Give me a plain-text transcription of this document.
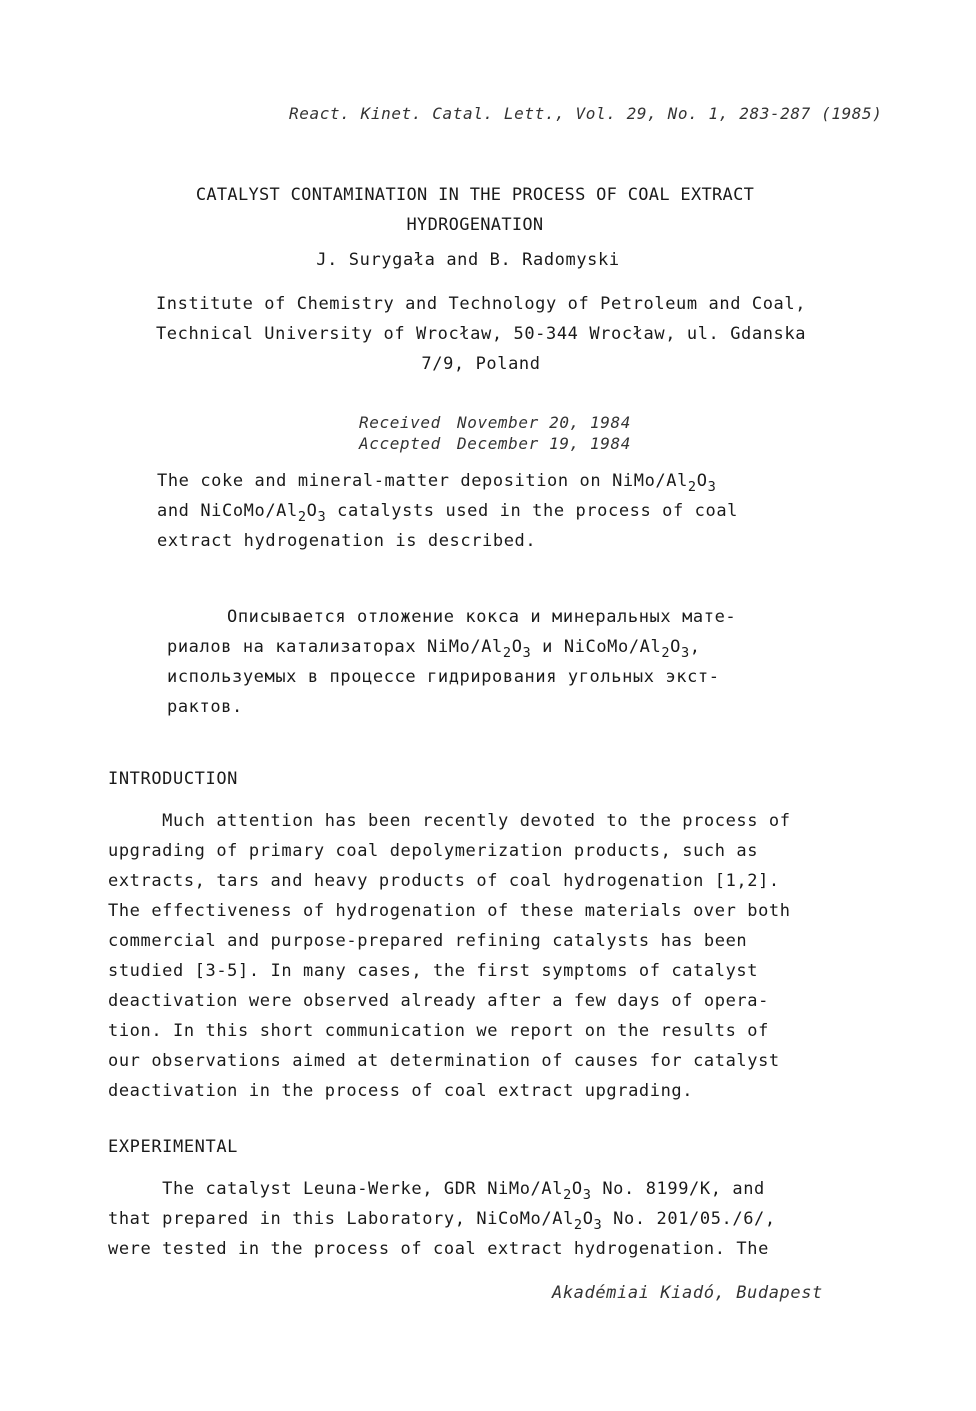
React. Kinet. Catal. Lett., Vol. 29, No. 1, 283-287 (1985)
CATALYST CONTAMINATION IN THE PROCESS OF COAL EXTRACT
HYDROGENATION
J. Surygała and B. Radomyski
Institute of Chemistry and Technology of Petroleum and Coal,
Technical University of Wrocław, 50-344 Wrocław, ul. Gdanska
7/9, Poland
Received November 20, 1984
Accepted December 19, 1984
The coke and mineral-matter deposition on NiMo/$Al_2O_3$
and NiCoMo/$Al_2O_3$ catalysts used in the process of coal
extract hydrogenation is described.
Описывается отложение кокса и минеральных мате-
риалов на катализаторах NiMo/$Al_2O_3$ и NiCoMo/$Al_2O_3$,
используемых в процессе гидрирования угольных экст-
рактов.
INTRODUCTION
Much attention has been recently devoted to the process of
upgrading of primary coal depolymerization products, such as
extracts, tars and heavy products of coal hydrogenation [1,2].
The effectiveness of hydrogenation of these materials over both
commercial and purpose-prepared refining catalysts has been
studied [3-5]. In many cases, the first symptoms of catalyst
deactivation were observed already after a few days of opera-
tion. In this short communication we report on the results of
our observations aimed at determination of causes for catalyst
deactivation in the process of coal extract upgrading.
EXPERIMENTAL
The catalyst Leuna-Werke, GDR NiMo/$Al_2O_3$ No. 8199/K, and
that prepared in this Laboratory, NiCoMo/$Al_2O_3$ No. 201/05./6/,
were tested in the process of coal extract hydrogenation. The
Akadémiai Kiadó, Budapest
